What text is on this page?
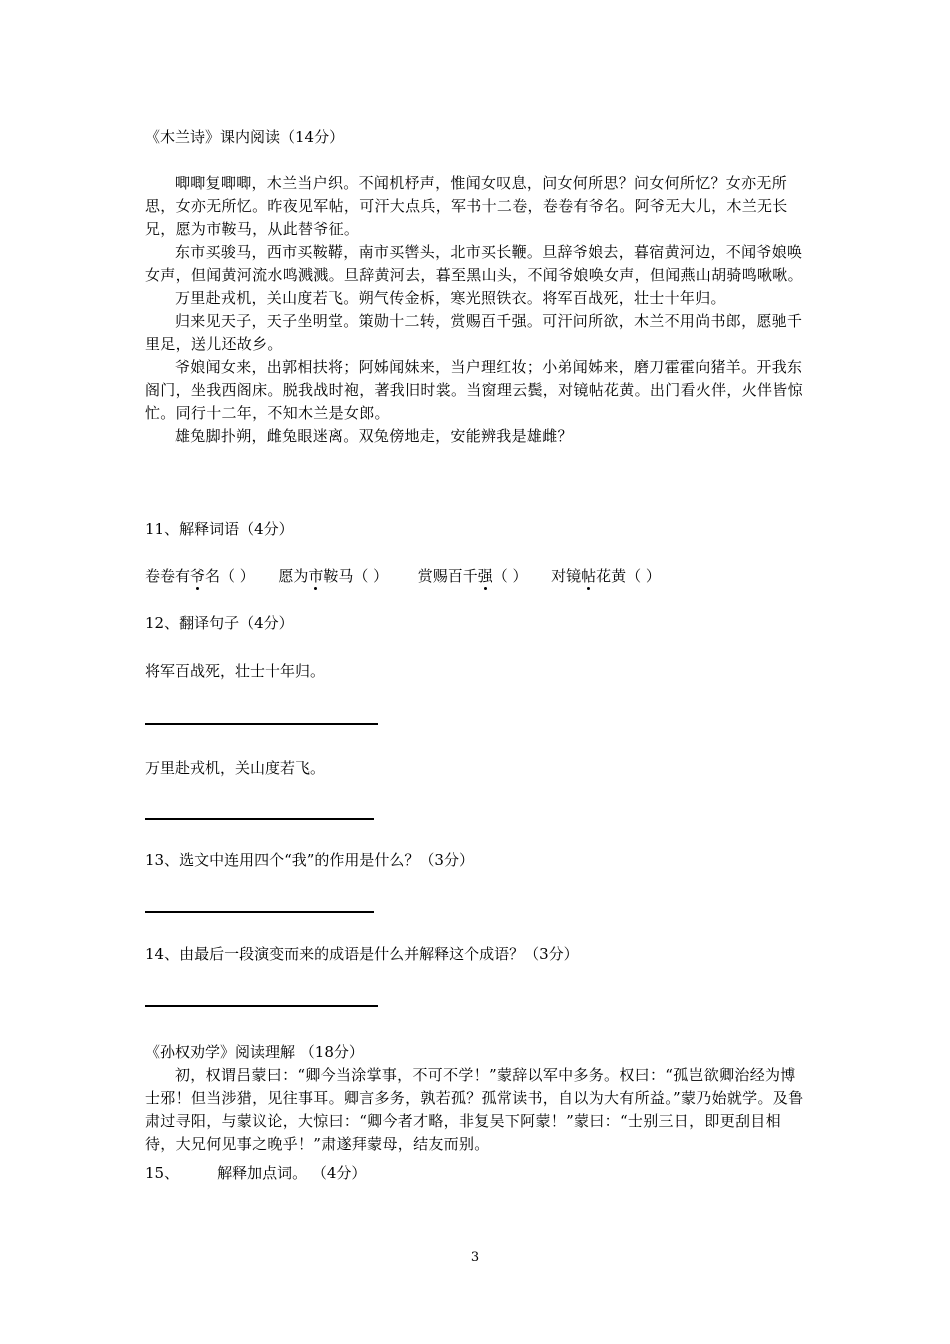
《木兰诗》课内阅读（14分）

唧唧复唧唧，木兰当户织。不闻机杼声，惟闻女叹息，问女何所思？问女何所忆？女亦无所思，女亦无所忆。昨夜见军帖，可汗大点兵，军书十二卷，卷卷有爷名。阿爷无大儿，木兰无长兄，愿为市鞍马，从此替爷征。

东市买骏马，西市买鞍鞯，南市买辔头，北市买长鞭。旦辞爷娘去，暮宿黄河边，不闻爷娘唤女声，但闻黄河流水鸣溅溅。旦辞黄河去，暮至黑山头，不闻爷娘唤女声，但闻燕山胡骑鸣啾啾。

万里赴戎机，关山度若飞。朔气传金柝，寒光照铁衣。将军百战死，壮士十年归。

归来见天子，天子坐明堂。策勋十二转，赏赐百千强。可汗问所欲，木兰不用尚书郎，愿驰千里足，送儿还故乡。

爷娘闻女来，出郭相扶将；阿姊闻妹来，当户理红妆；小弟闻姊来，磨刀霍霍向猪羊。开我东阁门，坐我西阁床。脱我战时袍，著我旧时裳。当窗理云鬓，对镜帖花黄。出门看火伴，火伴皆惊忙。同行十二年，不知木兰是女郎。

雄兔脚扑朔，雌兔眼迷离。双兔傍地走，安能辨我是雄雌？

11、解释词语（4分）
卷卷有爷名（ ） 愿为市鞍马（ ） 赏赐百千强（ ） 对镜帖花黄（ ）
12、翻译句子（4分）
将军百战死，壮士十年归。
万里赴戎机，关山度若飞。
13、选文中连用四个“我”的作用是什么？（3分）
14、由最后一段演变而来的成语是什么并解释这个成语？（3分）
《孙权劝学》阅读理解 （18分）

初，权谓吕蒙曰：“卿今当涂掌事，不可不学！”蒙辞以军中多务。权曰：“孤岂欲卿治经为博士邪！但当涉猎，见往事耳。卿言多务，孰若孤？孤常读书，自以为大有所益。”蒙乃始就学。及鲁肃过寻阳，与蒙议论，大惊曰：“卿今者才略，非复吴下阿蒙！”蒙曰：“士别三日，即更刮目相待，大兄何见事之晚乎！”肃遂拜蒙母，结友而别。

15、	解释加点词。 （4分）
3
